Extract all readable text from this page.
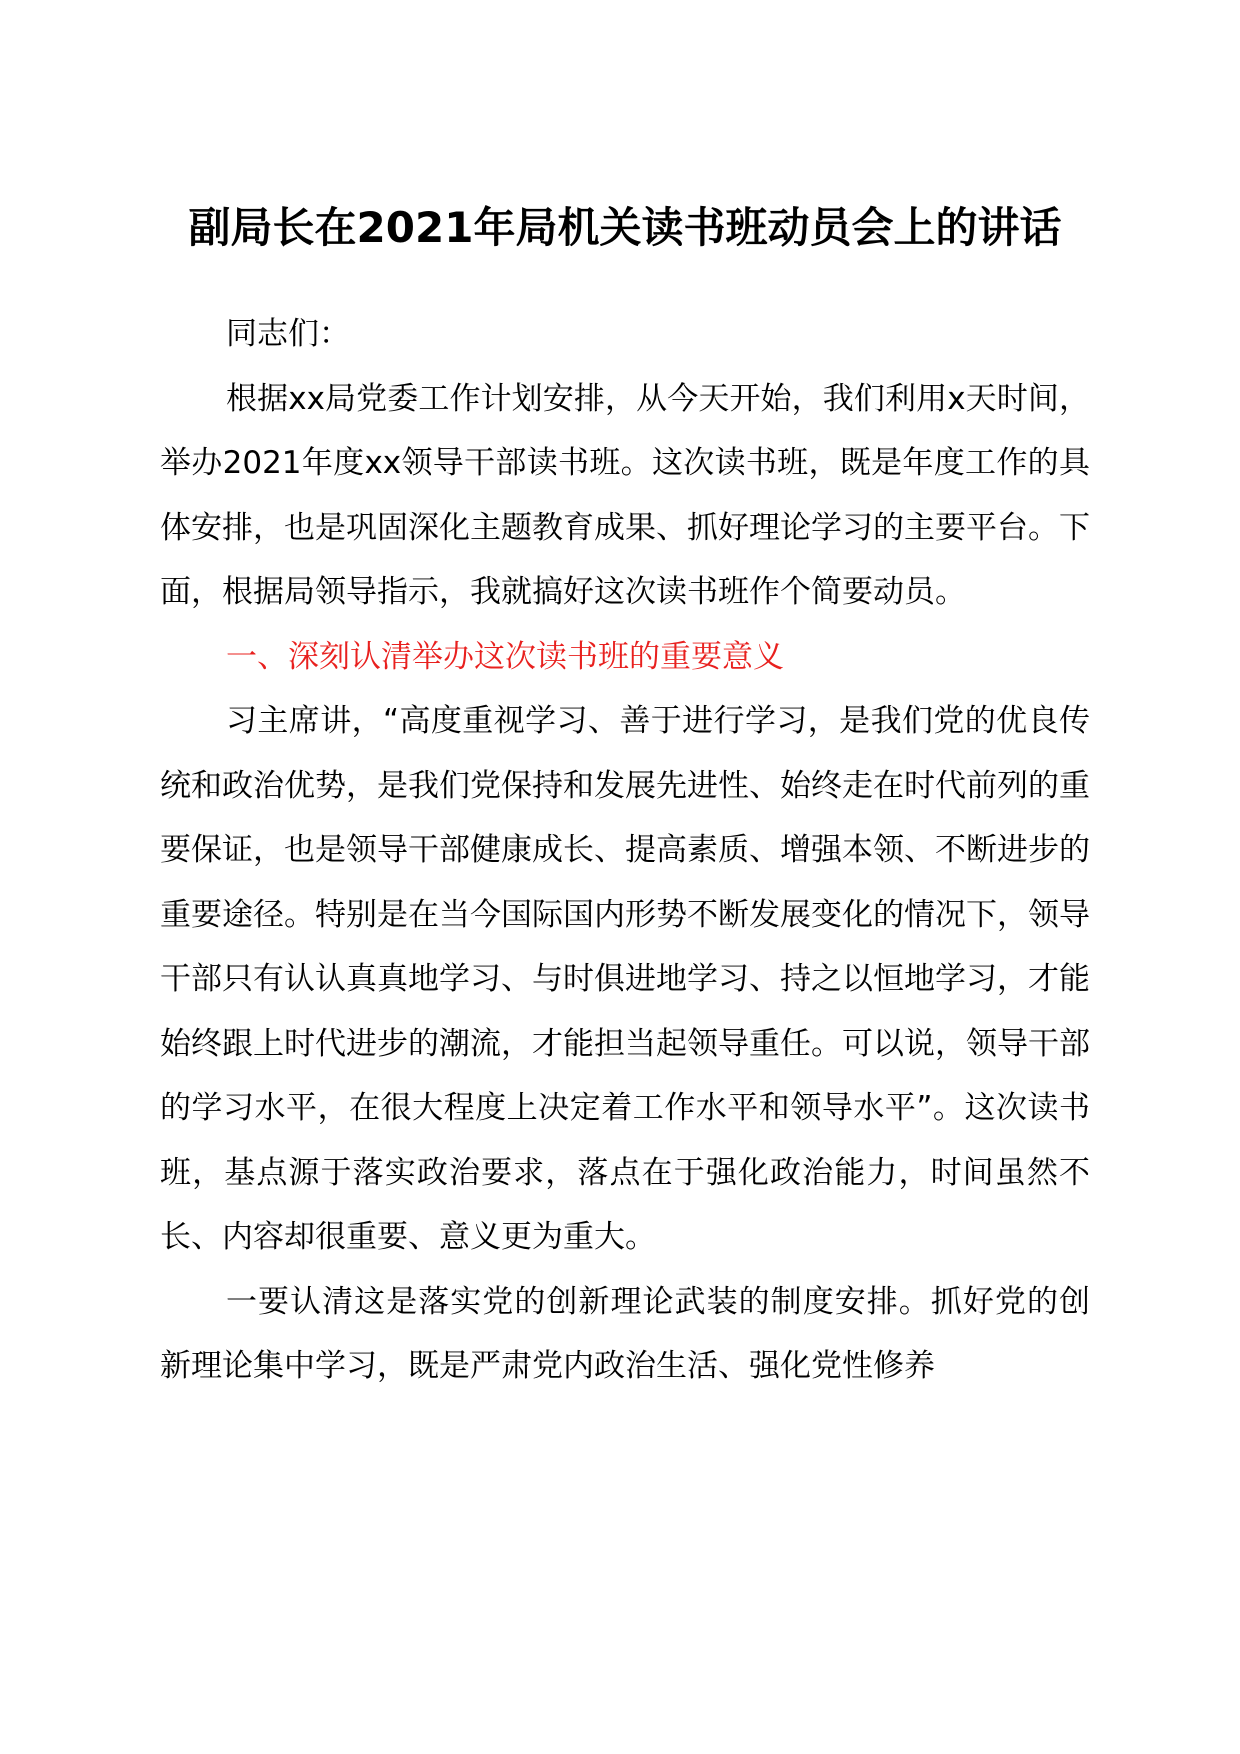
副局长在2021年局机关读书班动员会上的讲话

同志们：

根据xx局党委工作计划安排，从今天开始，我们利用x天时间，举办2021年度xx领导干部读书班。这次读书班，既是年度工作的具体安排，也是巩固深化主题教育成果、抓好理论学习的主要平台。下面，根据局领导指示，我就搞好这次读书班作个简要动员。

一、深刻认清举办这次读书班的重要意义

习主席讲，“高度重视学习、善于进行学习，是我们党的优良传统和政治优势，是我们党保持和发展先进性、始终走在时代前列的重要保证，也是领导干部健康成长、提高素质、增强本领、不断进步的重要途径。特别是在当今国际国内形势不断发展变化的情况下，领导干部只有认认真真地学习、与时俱进地学习、持之以恒地学习，才能始终跟上时代进步的潮流，才能担当起领导重任。可以说，领导干部的学习水平，在很大程度上决定着工作水平和领导水平”。这次读书班，基点源于落实政治要求，落点在于强化政治能力，时间虽然不长、内容却很重要、意义更为重大。

一要认清这是落实党的创新理论武装的制度安排。抓好党的创新理论集中学习，既是严肃党内政治生活、强化党性修养
